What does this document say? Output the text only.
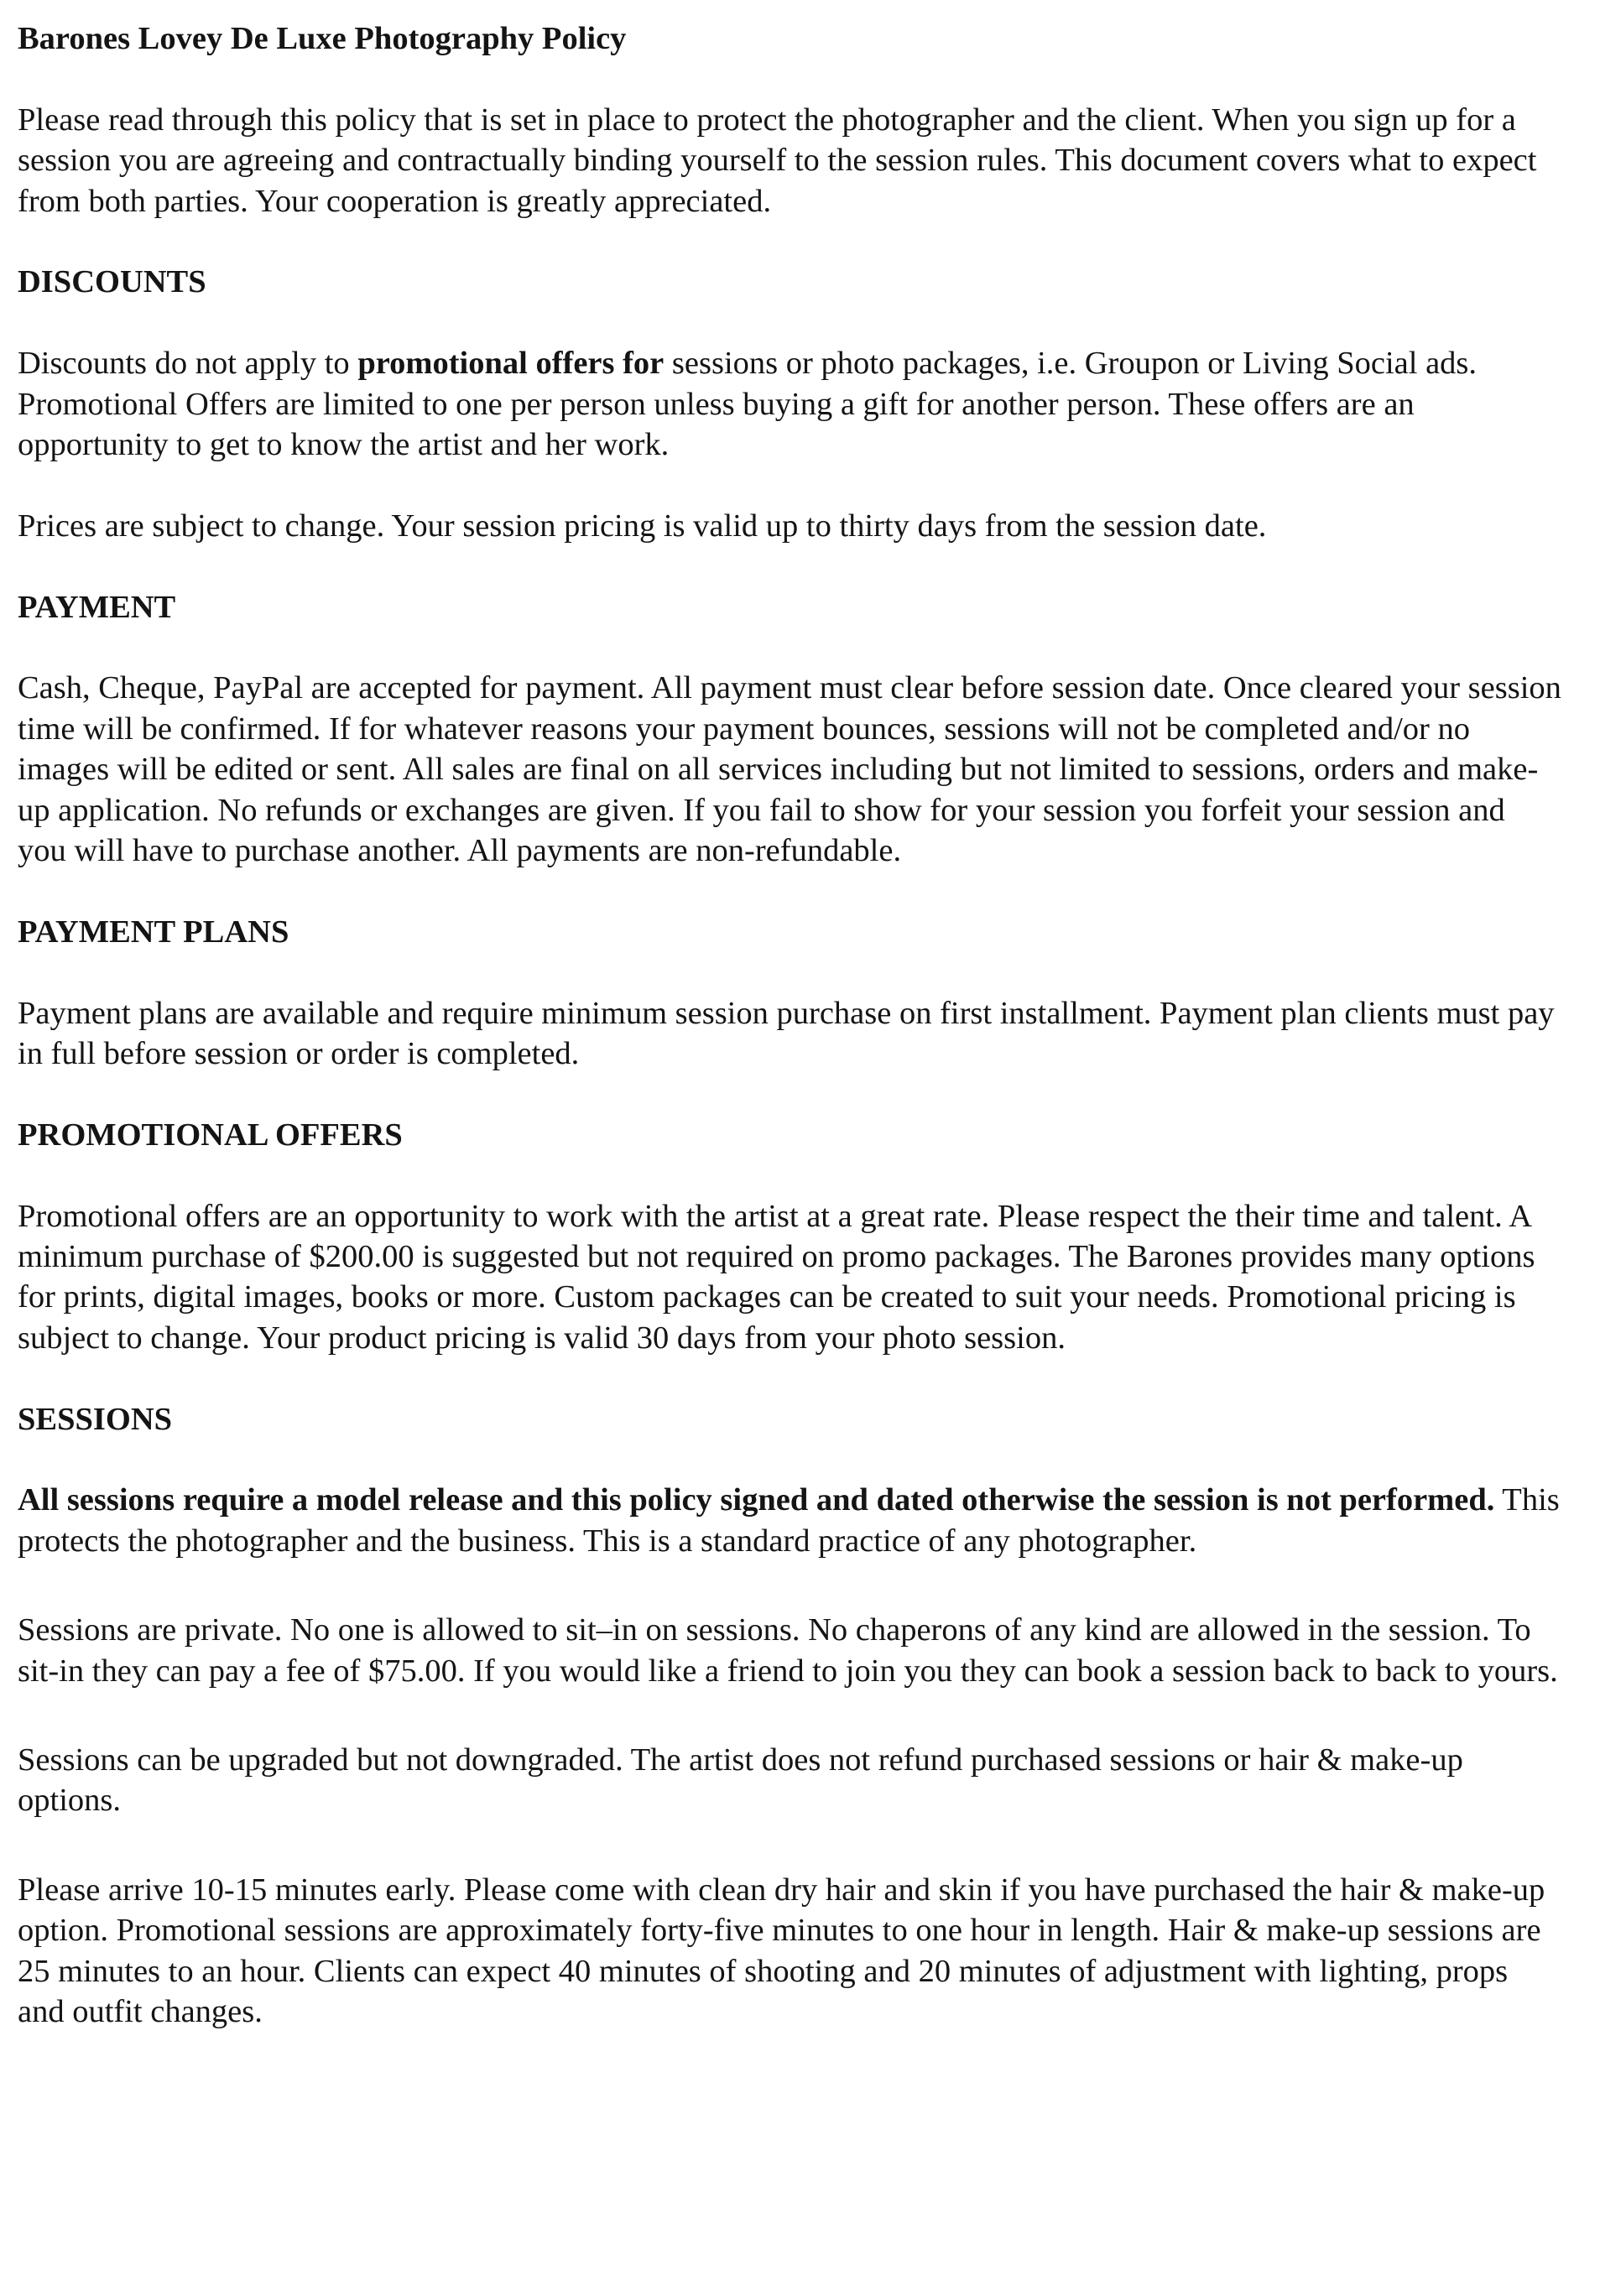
Barones Lovey De Luxe Photography Policy

Please read through this policy that is set in place to protect the photographer and the client. When you sign up for a session you are agreeing and contractually binding yourself to the session rules. This document covers what to expect from both parties. Your cooperation is greatly appreciated.

DISCOUNTS

Discounts do not apply to promotional offers for sessions or photo packages, i.e. Groupon or Living Social ads.

Promotional Offers are limited to one per person unless buying a gift for another person. These offers are an opportunity to get to know the artist and her work.

Prices are subject to change. Your session pricing is valid up to thirty days from the session date.

PAYMENT

Cash, Cheque, PayPal are accepted for payment. All payment must clear before session date. Once cleared your session time will be confirmed. If for whatever reasons your payment bounces, sessions will not be completed and/or no images will be edited or sent. All sales are final on all services including but not limited to sessions, orders and make-up application. No refunds or exchanges are given. If you fail to show for your session you forfeit your session and you will have to purchase another. All payments are non-refundable.

PAYMENT PLANS

Payment plans are available and require minimum session purchase on first installment. Payment plan clients must pay in full before session or order is completed.

PROMOTIONAL OFFERS

Promotional offers are an opportunity to work with the artist at a great rate. Please respect the their time and talent. A minimum purchase of $200.00 is suggested but not required on promo packages. The Barones provides many options for prints, digital images, books or more. Custom packages can be created to suit your needs. Promotional pricing is subject to change. Your product pricing is valid 30 days from your photo session.

SESSIONS

All sessions require a model release and this policy signed and dated otherwise the session is not performed. This protects the photographer and the business. This is a standard practice of any photographer.

Sessions are private. No one is allowed to sit–in on sessions. No chaperons of any kind are allowed in the session. To sit-in they can pay a fee of $75.00. If you would like a friend to join you they can book a session back to back to yours.

Sessions can be upgraded but not downgraded. The artist does not refund purchased sessions or hair & make-up options.

Please arrive 10-15 minutes early. Please come with clean dry hair and skin if you have purchased the hair & make-up option. Promotional sessions are approximately forty-five minutes to one hour in length. Hair & make-up sessions are 25 minutes to an hour. Clients can expect 40 minutes of shooting and 20 minutes of adjustment with lighting, props and outfit changes.
